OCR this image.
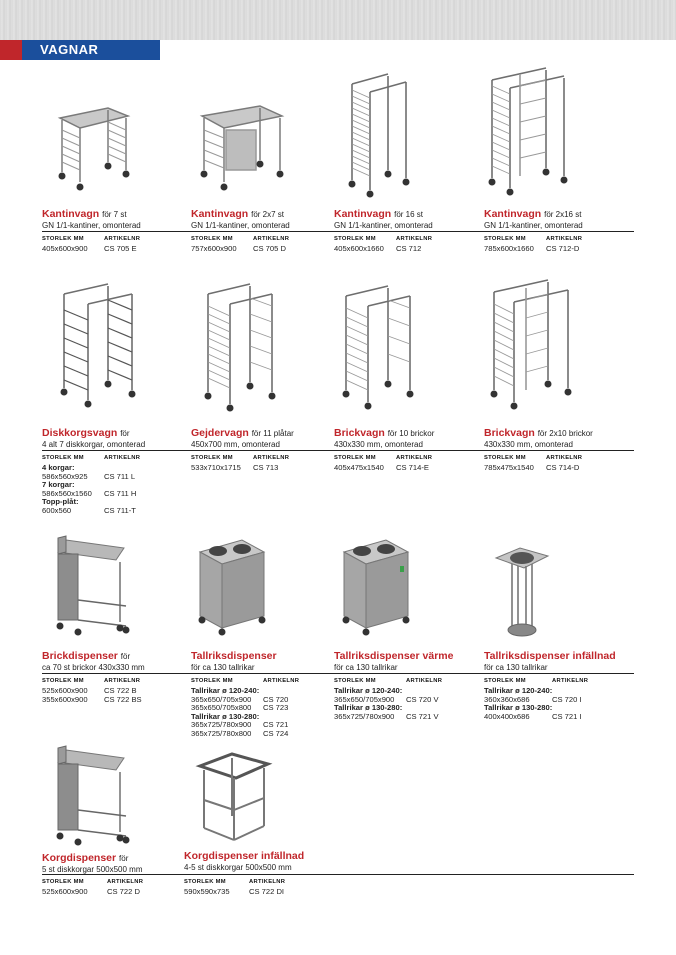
VAGNAR
Kantinvagn för 7 st
GN 1/1-kantiner, omonterad
STORLEK MM	ARTIKELNR
405x600x900 CS 705 E
Kantinvagn för 2x7 st
GN 1/1-kantiner, omonterad
STORLEK MM	ARTIKELNR
757x600x900 CS 705 D
Kantinvagn för 16 st
GN 1/1-kantiner, omonterad
STORLEK MM	ARTIKELNR
405x600x1660 CS 712
Kantinvagn för 2x16 st
GN 1/1-kantiner, omonterad
STORLEK MM	ARTIKELNR
785x600x1660 CS 712-D
Diskkorgsvagn för
4 alt 7 diskkorgar, omonterad
STORLEK MM	ARTIKELNR
4 korgar:
586x560x925 CS 711 L
7 korgar:
586x560x1560 CS 711 H
Topp-plåt:
600x560	CS 711-T
Gejdervagn för 11 plåtar
450x700 mm, omonterad
STORLEK MM	ARTIKELNR
533x710x1715 CS 713
Brickvagn för 10 brickor
430x330 mm, omonterad
STORLEK MM	ARTIKELNR
405x475x1540 CS 714-E
Brickvagn för 2x10 brickor
430x330 mm, omonterad
STORLEK MM	ARTIKELNR
785x475x1540 CS 714-D
Brickdispenser för
ca 70 st brickor 430x330 mm
STORLEK MM	ARTIKELNR
525x600x900 CS 722 B
355x600x900 CS 722 BS
Tallriksdispenser
för ca 130 tallrikar
STORLEK MM	ARTIKELNR
Tallrikar ø 120-240:
365x650/705x900 CS 720
365x650/705x800 CS 723
Tallrikar ø 130-280:
365x725/780x900 CS 721
365x725/780x800 CS 724
Tallriksdispenser värme
för ca 130 tallrikar
STORLEK MM	ARTIKELNR
Tallrikar ø 120-240:
365x650/705x900 CS 720 V
Tallrikar ø 130-280:
365x725/780x900 CS 721 V
Tallriksdispenser infällnad
för ca 130 tallrikar
STORLEK MM	ARTIKELNR
Tallrikar ø 120-240:
360x360x686	CS 720 I
Tallrikar ø 130-280:
400x400x686	CS 721 I
Korgdispenser för
5 st diskkorgar 500x500 mm
STORLEK MM	ARTIKELNR
525x600x900	CS 722 D
Korgdispenser infällnad
4-5 st diskkorgar 500x500 mm
STORLEK MM	ARTIKELNR
590x590x735	CS 722 DI
